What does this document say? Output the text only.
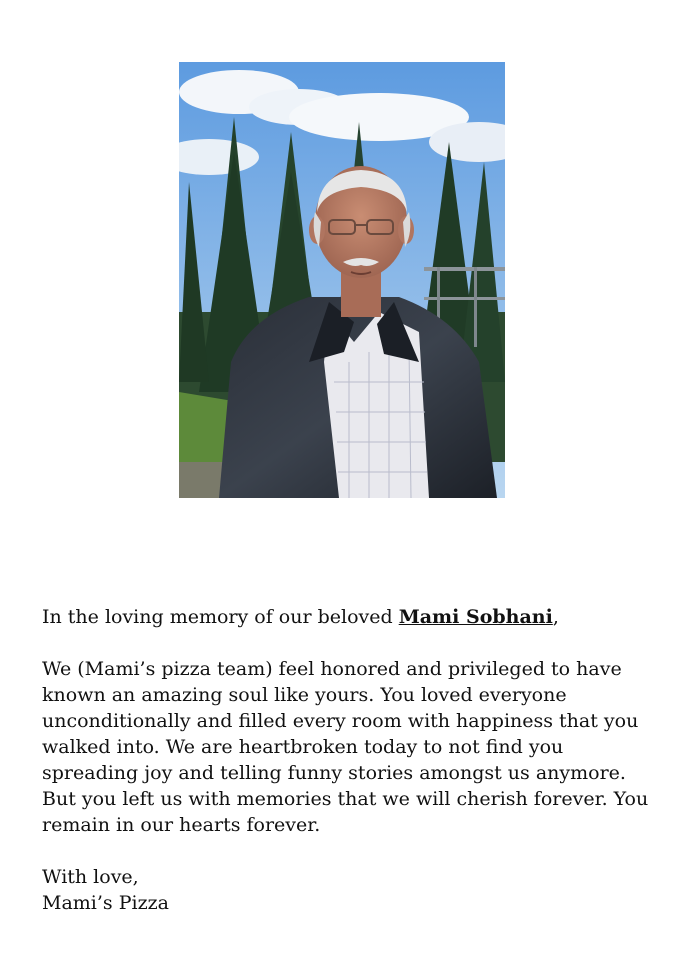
In the loving memory of our beloved Mami Sobhani,

We (Mami’s pizza team) feel honored and privileged to have known an amazing soul like yours. You loved everyone unconditionally and filled every room with happiness that you walked into. We are heartbroken today to not find you spreading joy and telling funny stories amongst us anymore. But you left us with memories that we will cherish forever. You remain in our hearts forever.

With love,

Mami’s Pizza
